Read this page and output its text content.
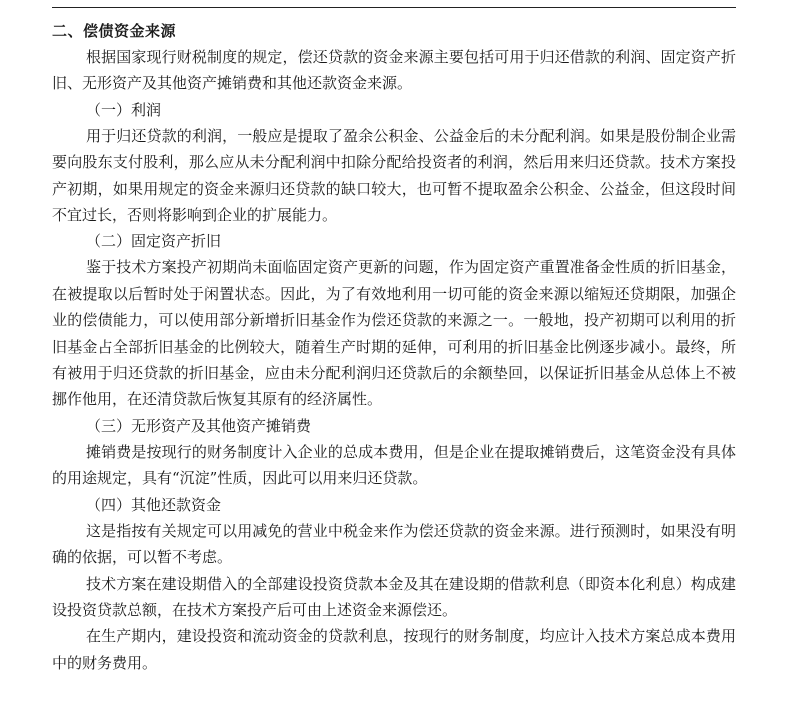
二、偿债资金来源

根据国家现行财税制度的规定，偿还贷款的资金来源主要包括可用于归还借款的利润、固定资产折旧、无形资产及其他资产摊销费和其他还款资金来源。

（一）利润

用于归还贷款的利润，一般应是提取了盈余公积金、公益金后的未分配利润。如果是股份制企业需要向股东支付股利，那么应从未分配利润中扣除分配给投资者的利润，然后用来归还贷款。技术方案投产初期，如果用规定的资金来源归还贷款的缺口较大，也可暂不提取盈余公积金、公益金，但这段时间不宜过长，否则将影响到企业的扩展能力。

（二）固定资产折旧

鉴于技术方案投产初期尚未面临固定资产更新的问题，作为固定资产重置准备金性质的折旧基金，在被提取以后暂时处于闲置状态。因此，为了有效地利用一切可能的资金来源以缩短还贷期限，加强企业的偿债能力，可以使用部分新增折旧基金作为偿还贷款的来源之一。一般地，投产初期可以利用的折旧基金占全部折旧基金的比例较大，随着生产时期的延伸，可利用的折旧基金比例逐步减小。最终，所有被用于归还贷款的折旧基金，应由未分配利润归还贷款后的余额垫回，以保证折旧基金从总体上不被挪作他用，在还清贷款后恢复其原有的经济属性。

（三）无形资产及其他资产摊销费

摊销费是按现行的财务制度计入企业的总成本费用，但是企业在提取摊销费后，这笔资金没有具体的用途规定，具有“沉淀”性质，因此可以用来归还贷款。

（四）其他还款资金

这是指按有关规定可以用减免的营业中税金来作为偿还贷款的资金来源。进行预测时，如果没有明确的依据，可以暂不考虑。

技术方案在建设期借入的全部建设投资贷款本金及其在建设期的借款利息（即资本化利息）构成建设投资贷款总额，在技术方案投产后可由上述资金来源偿还。

在生产期内，建设投资和流动资金的贷款利息，按现行的财务制度，均应计入技术方案总成本费用中的财务费用。
